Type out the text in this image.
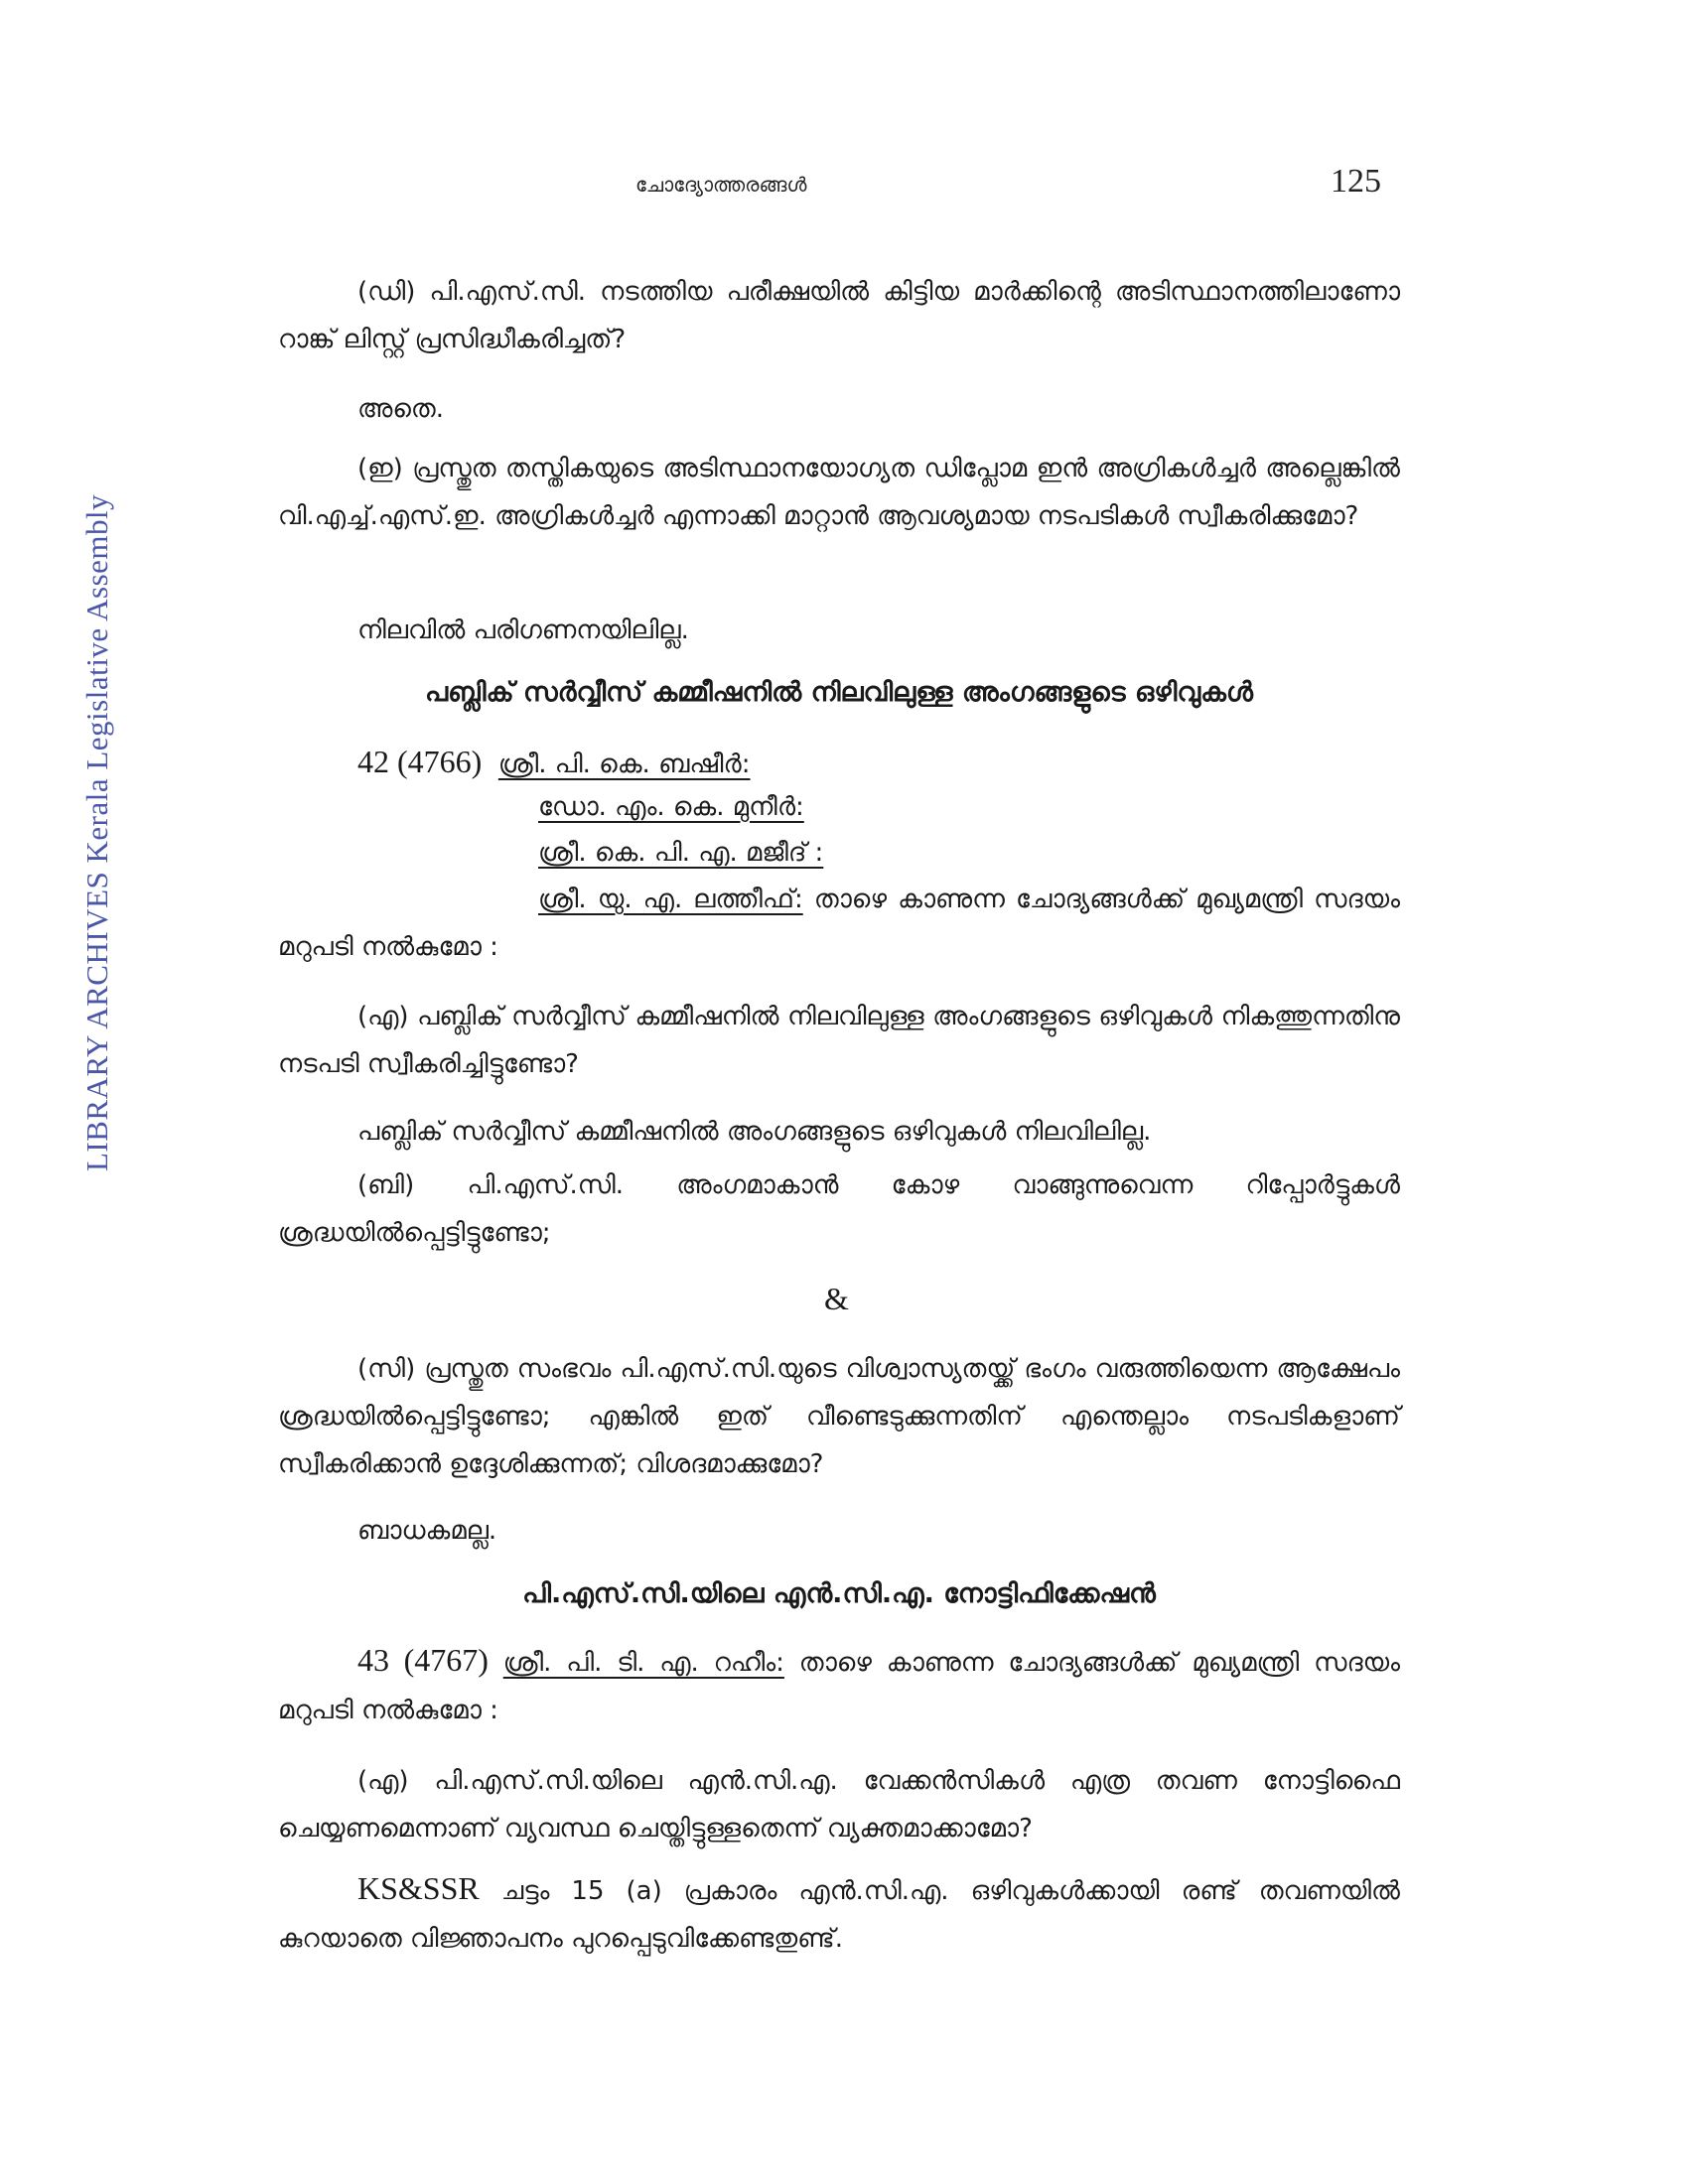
LIBRARY ARCHIVES Kerala Legislative Assembly
ചോദ്യോത്തരങ്ങൾ	125

(ഡി) പി.എസ്.സി. നടത്തിയ പരീക്ഷയിൽ കിട്ടിയ മാർക്കിന്റെ അടിസ്ഥാനത്തിലാണോ റാങ്ക് ലിസ്റ്റ് പ്രസിദ്ധീകരിച്ചത്?

അതെ.

(ഇ) പ്രസ്തുത തസ്തികയുടെ അടിസ്ഥാനയോഗ്യത ഡിപ്ലോമ ഇൻ അഗ്രികൾച്ചർ അല്ലെങ്കിൽ വി.എച്ച്.എസ്.ഇ. അഗ്രികൾച്ചർ എന്നാക്കി മാറ്റാൻ ആവശ്യമായ നടപടികൾ സ്വീകരിക്കുമോ?

നിലവിൽ പരിഗണനയിലില്ല.
പബ്ലിക് സർവ്വീസ് കമ്മീഷനിൽ നിലവിലുള്ള അംഗങ്ങളുടെ ഒഴിവുകൾ
42 (4766) ശ്രീ. പി. കെ. ബഷീർ:
ഡോ. എം. കെ. മുനീർ:
ശ്രീ. കെ. പി. എ. മജീദ് :

ശ്രീ. യു. എ. ലത്തീഫ്: താഴെ കാണുന്ന ചോദ്യങ്ങൾക്ക് മുഖ്യമന്ത്രി സദയം മറുപടി നൽകുമോ :

(എ) പബ്ലിക് സർവ്വീസ് കമ്മീഷനിൽ നിലവിലുള്ള അംഗങ്ങളുടെ ഒഴിവുകൾ നികത്തുന്നതിനു നടപടി സ്വീകരിച്ചിട്ടുണ്ടോ?

പബ്ലിക് സർവ്വീസ് കമ്മീഷനിൽ അംഗങ്ങളുടെ ഒഴിവുകൾ നിലവിലില്ല.

(ബി) പി.എസ്.സി. അംഗമാകാൻ കോഴ വാങ്ങുന്നുവെന്ന റിപ്പോർട്ടുകൾ ശ്രദ്ധയിൽപ്പെട്ടിട്ടുണ്ടോ;

&

(സി) പ്രസ്തുത സംഭവം പി.എസ്.സി.യുടെ വിശ്വാസ്യതയ്ക്ക് ഭംഗം വരുത്തിയെന്ന ആക്ഷേപം ശ്രദ്ധയിൽപ്പെട്ടിട്ടുണ്ടോ; എങ്കിൽ ഇത് വീണ്ടെടുക്കുന്നതിന് എന്തെല്ലാം നടപടികളാണ് സ്വീകരിക്കാൻ ഉദ്ദേശിക്കുന്നത്; വിശദമാക്കുമോ?

ബാധകമല്ല.
പി.എസ്.സി.യിലെ എൻ.സി.എ. നോട്ടിഫിക്കേഷൻ

43 (4767) ശ്രീ. പി. ടി. എ. റഹീം: താഴെ കാണുന്ന ചോദ്യങ്ങൾക്ക് മുഖ്യമന്ത്രി സദയം മറുപടി നൽകുമോ :

(എ) പി.എസ്.സി.യിലെ എൻ.സി.എ. വേക്കൻസികൾ എത്ര തവണ നോട്ടിഫൈ ചെയ്യണമെന്നാണ് വ്യവസ്ഥ ചെയ്തിട്ടുള്ളതെന്ന് വ്യക്തമാക്കാമോ?

KS&SSR ചട്ടം 15 (a) പ്രകാരം എൻ.സി.എ. ഒഴിവുകൾക്കായി രണ്ട് തവണയിൽ കുറയാതെ വിജ്ഞാപനം പുറപ്പെടുവിക്കേണ്ടതുണ്ട്.
